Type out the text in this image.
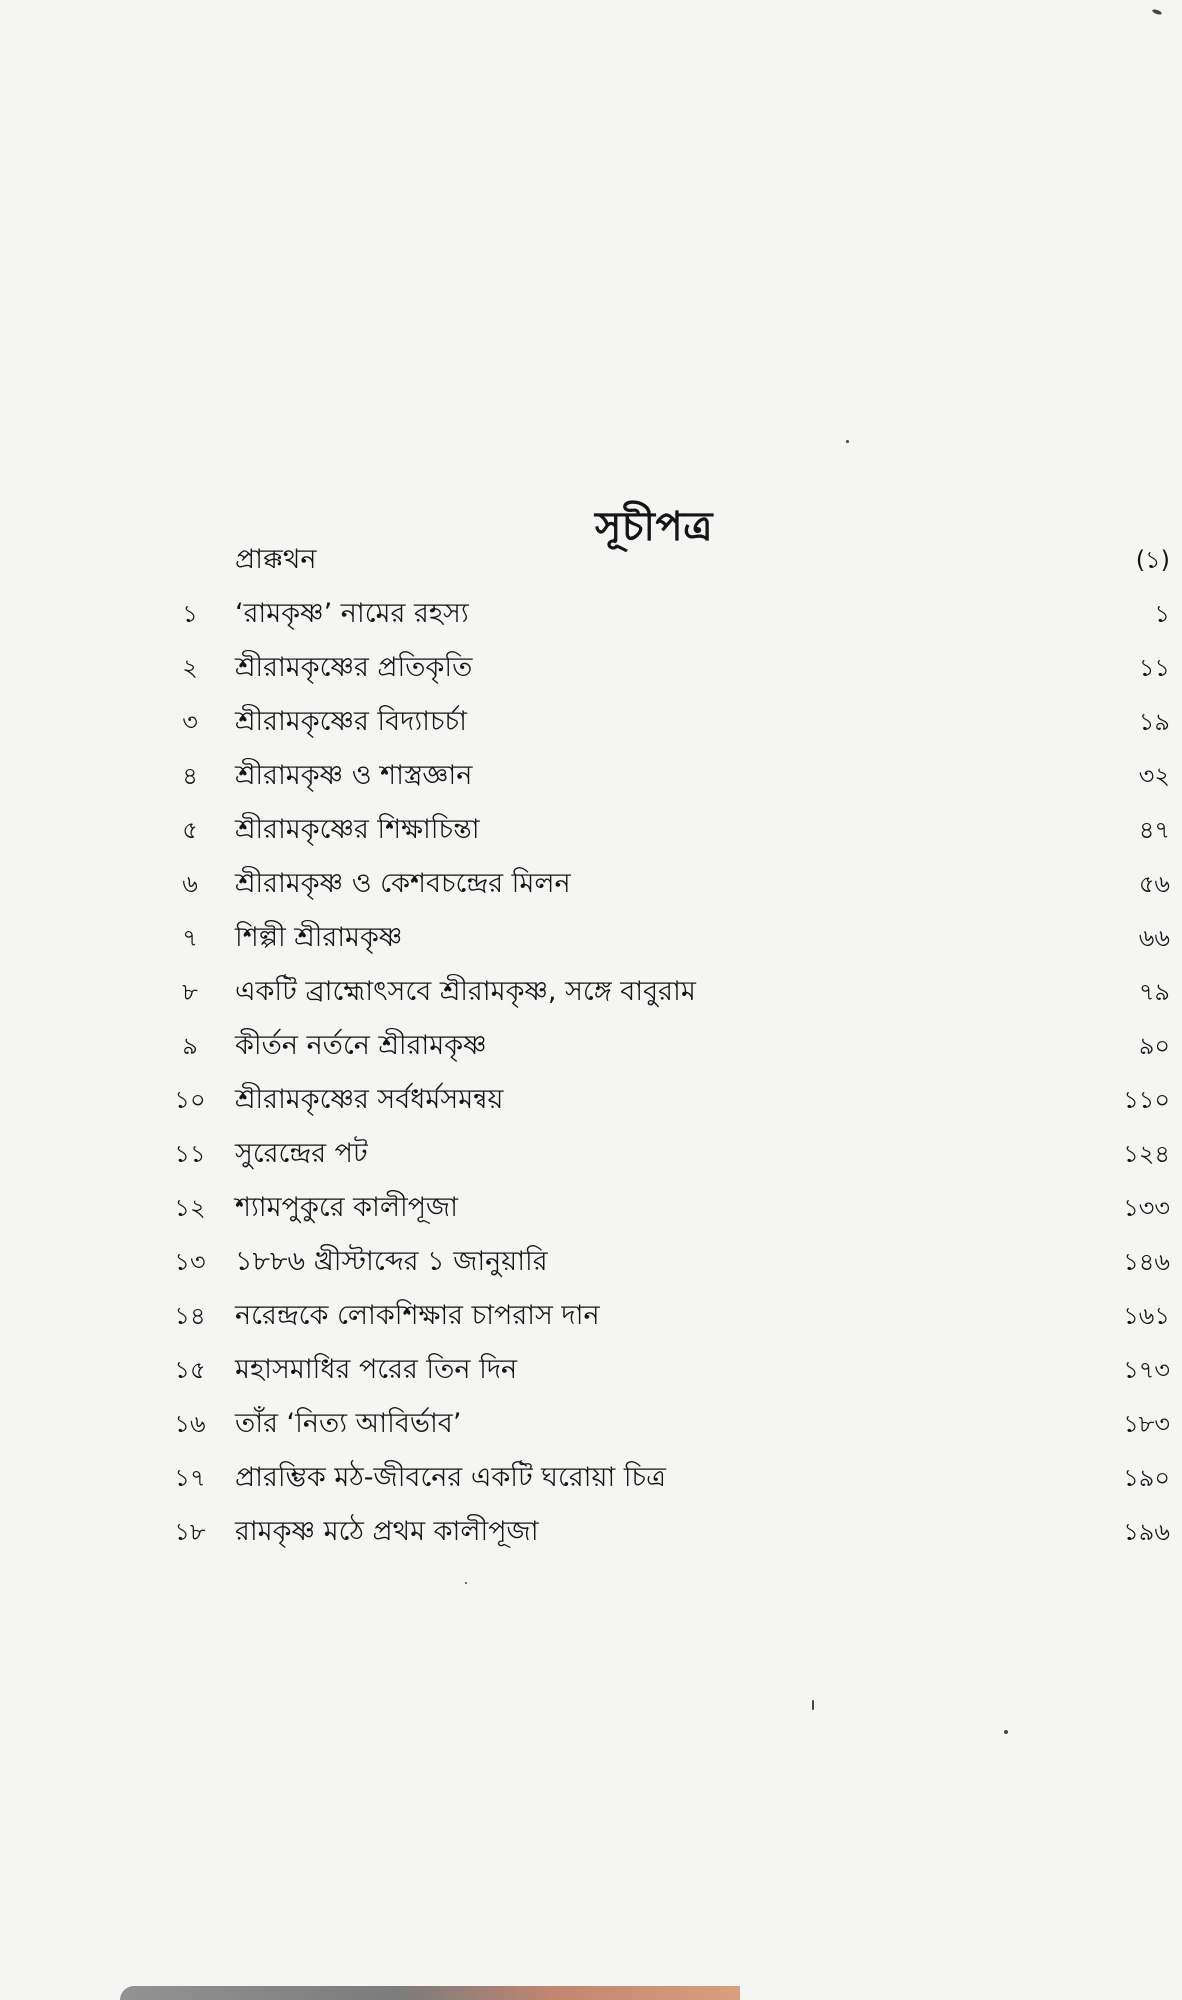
সূচীপত্র
প্রাক্কথন	(১)
১	‘রামকৃষ্ণ’ নামের রহস্য	১
২	শ্রীরামকৃষ্ণের প্রতিকৃতি	১১
৩	শ্রীরামকৃষ্ণের বিদ্যাচর্চা	১৯
৪	শ্রীরামকৃষ্ণ ও শাস্ত্রজ্ঞান	৩২
৫	শ্রীরামকৃষ্ণের শিক্ষাচিন্তা	৪৭
৬	শ্রীরামকৃষ্ণ ও কেশবচন্দ্রের মিলন	৫৬
৭	শিল্পী শ্রীরামকৃষ্ণ	৬৬
৮	একটি ব্রাহ্মোৎসবে শ্রীরামকৃষ্ণ, সঙ্গে বাবুরাম	৭৯
৯	কীর্তন নর্তনে শ্রীরামকৃষ্ণ	৯০
১০	শ্রীরামকৃষ্ণের সর্বধর্মসমন্বয়	১১০
১১	সুরেন্দ্রের পট	১২৪
১২	শ্যামপুকুরে কালীপূজা	১৩৩
১৩	১৮৮৬ খ্রীস্টাব্দের ১ জানুয়ারি	১৪৬
১৪	নরেন্দ্রকে লোকশিক্ষার চাপরাস দান	১৬১
১৫	মহাসমাধির পরের তিন দিন	১৭৩
১৬	তাঁর ‘নিত্য আবির্ভাব’	১৮৩
১৭	প্রারম্ভিক মঠ-জীবনের একটি ঘরোয়া চিত্র	১৯০
১৮	রামকৃষ্ণ মঠে প্রথম কালীপূজা	১৯৬
